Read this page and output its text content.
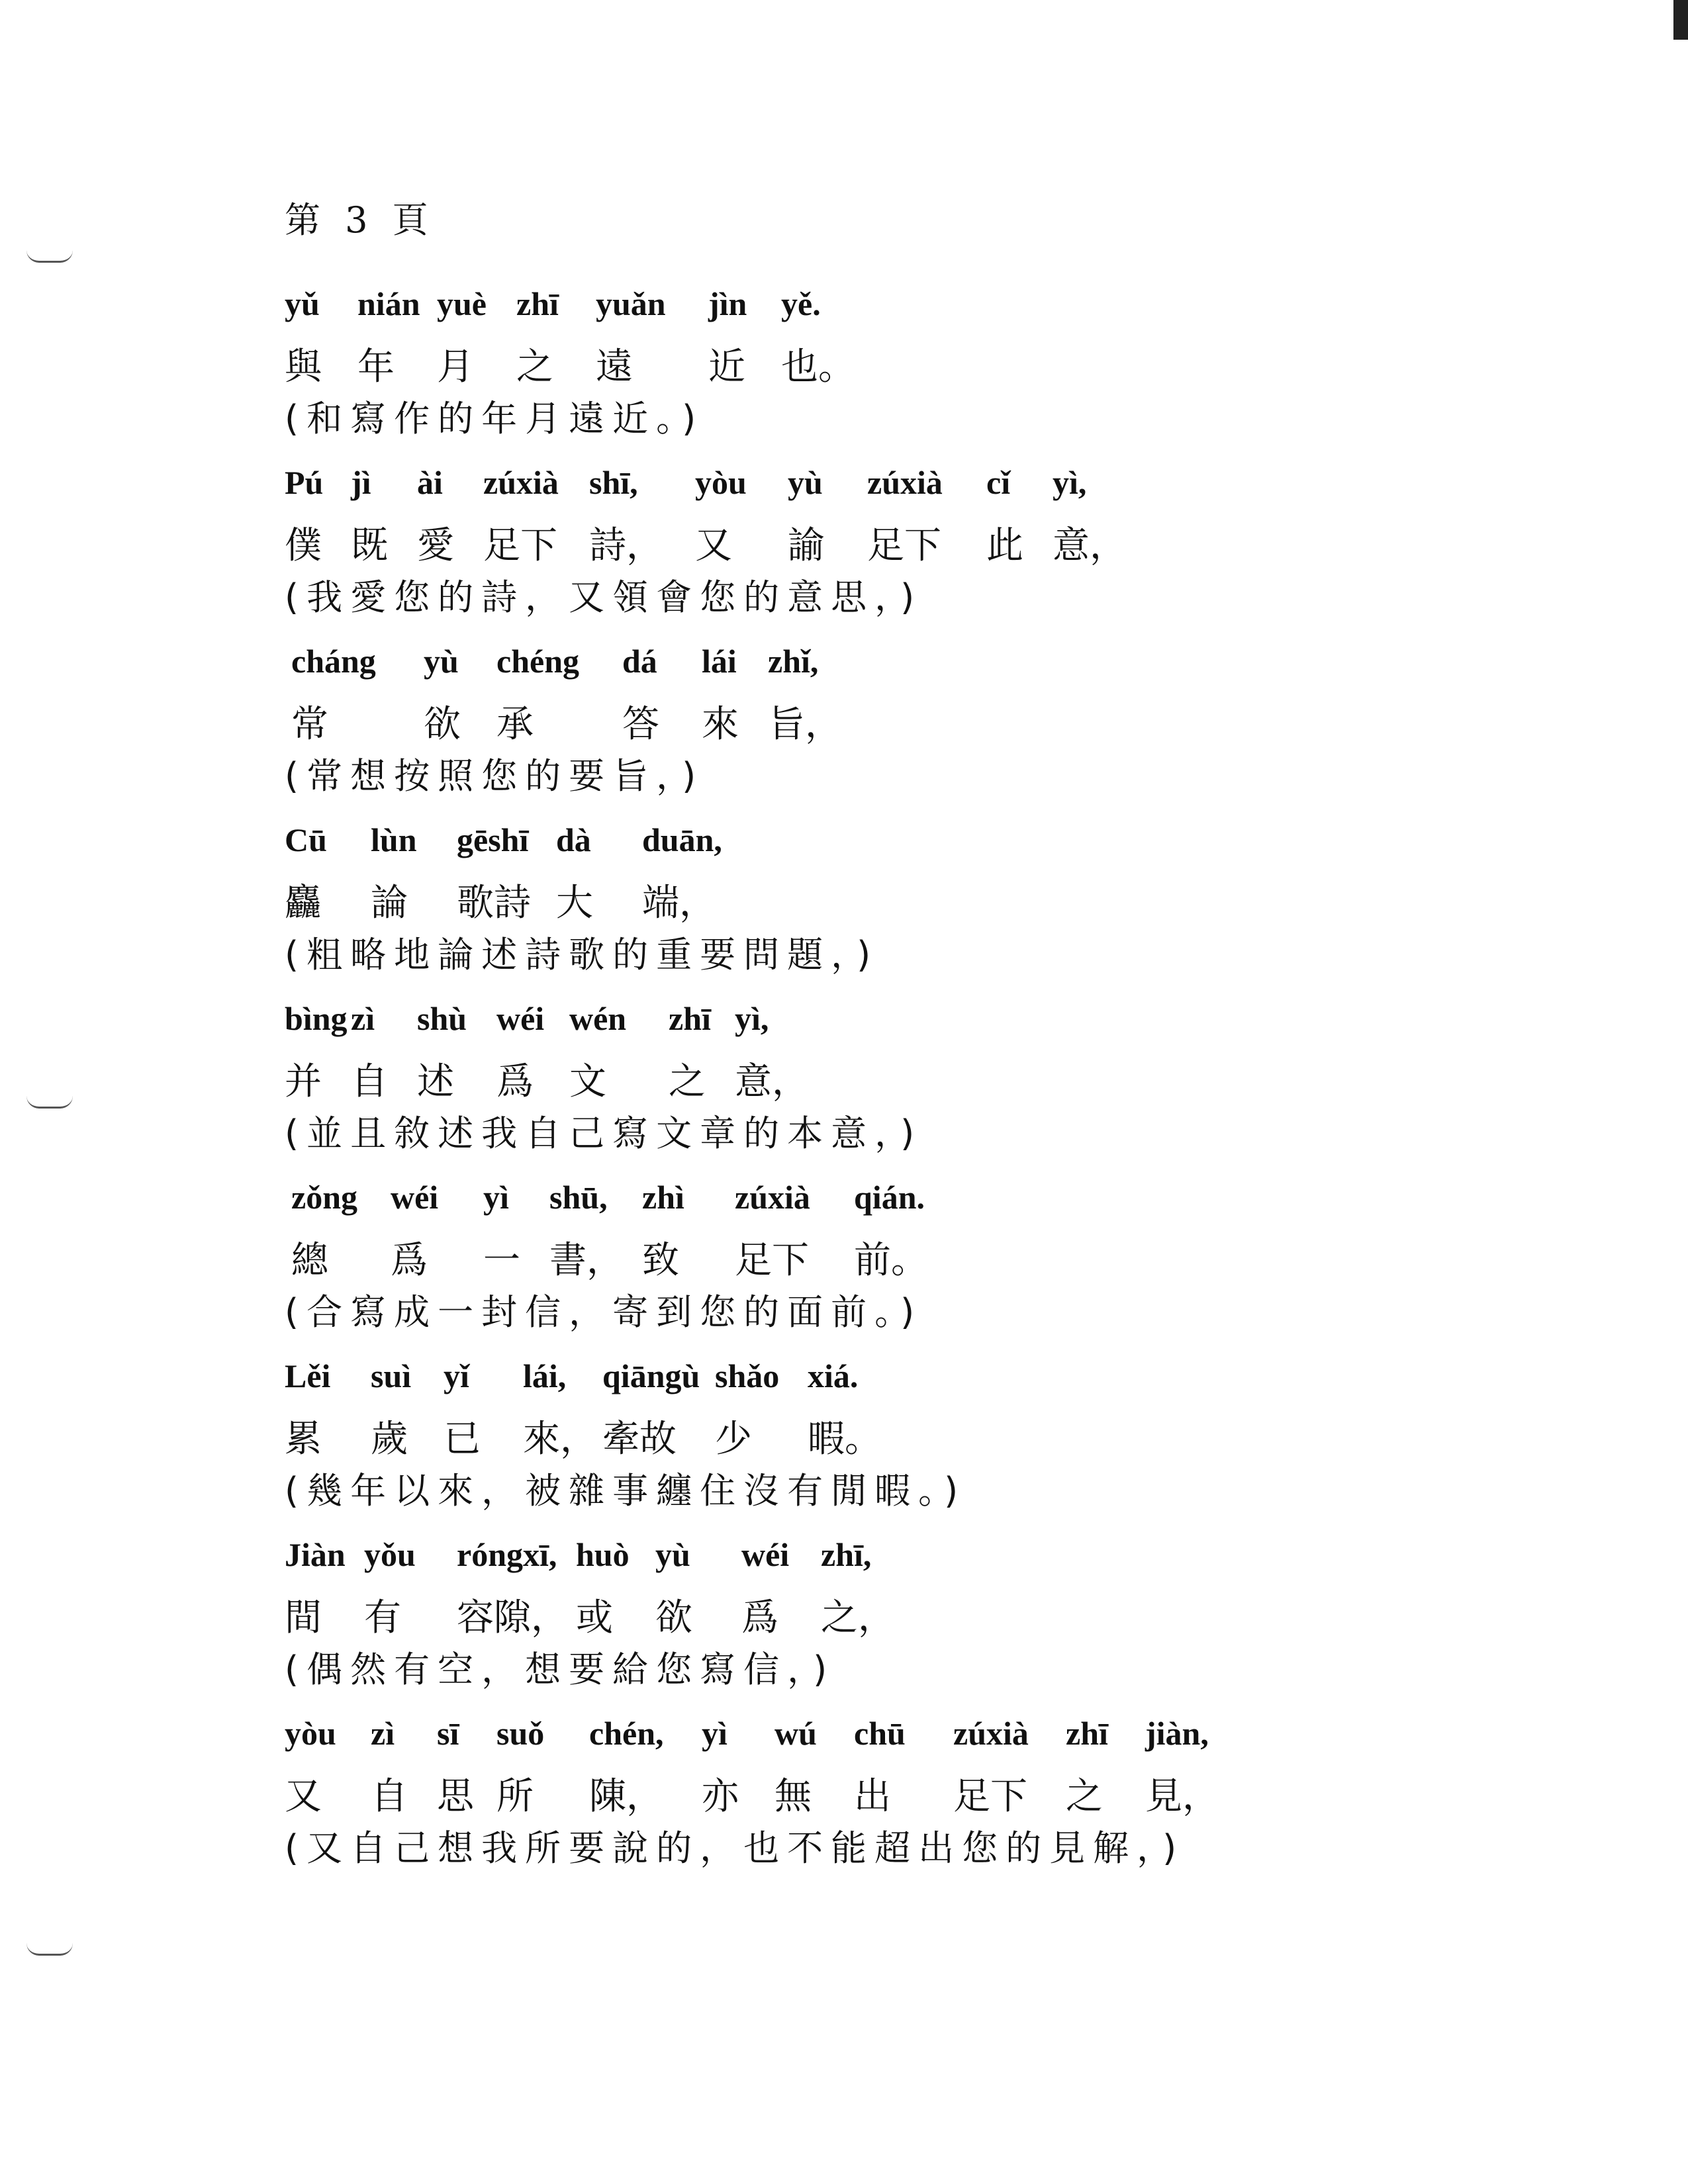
第 3 頁
yǔ nián yuè zhī yuǎn jìn yě.
與 年 月 之 遠 近 也。
(和寫作的年月遠近。)
Pú jì ài zúxià shī, yòu yù zúxià cǐ yì,
僕 既 愛 足下 詩， 又 諭 足下 此 意，
(我愛您的詩，又領會您的意思，)
cháng yù chéng dá lái zhǐ,
常	欲 承 答 來 旨，
(常想按照您的要旨，)
Cū lùn gēshī dà duān,
麤 論 歌詩 大 端，
(粗略地論述詩歌的重要問題，)
bìng zì shù wéi wén zhī yì,
并 自 述 爲 文 之 意，
(並且敘述我自己寫文章的本意，)
zǒng wéi yì shū, zhì zúxià qián.
總 爲 一 書， 致 足下 前。
(合寫成一封信，寄到您的面前。)
Lěi suì yǐ lái, qiāngù shǎo xiá.
累 歲 已 來， 牽故 少 暇。
(幾年以來，被雜事纏住沒有閒暇。)
Jiàn yǒu róngxī, huò yù wéi zhī,
間 有 容隙， 或 欲 爲 之，
(偶然有空，想要給您寫信，)
yòu zì sī suǒ chén, yì wú chū zúxià zhī jiàn,
又 自 思 所 陳， 亦 無 出 足下 之 見，
(又自己想我所要說的，也不能超出您的見解，)
